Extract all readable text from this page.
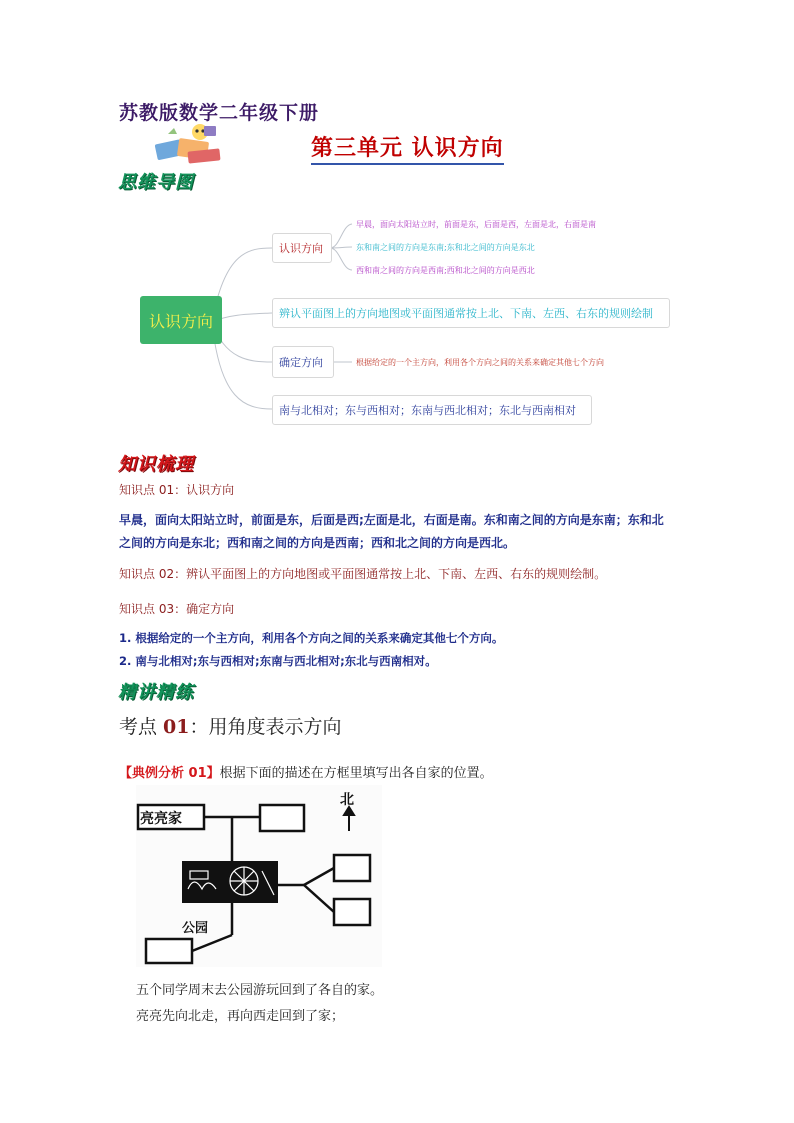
苏教版数学二年级下册
第三单元 认识方向
思维导图
认识方向
认识方向
早晨，面向太阳站立时，前面是东，后面是西，左面是北，右面是南
东和南之间的方向是东南;东和北之间的方向是东北
西和南之间的方向是西南;西和北之间的方向是西北
辨认平面图上的方向地图或平面图通常按上北、下南、左西、右东的规则绘制
确定方向	根据给定的一个主方向，利用各个方向之间的关系来确定其他七个方向
南与北相对；东与西相对；东南与西北相对；东北与西南相对
知识梳理
知识点 01：认识方向
早晨，面向太阳站立时，前面是东，后面是西;左面是北，右面是南。东和南之间的方向是东南；东和北
之间的方向是东北；西和南之间的方向是西南；西和北之间的方向是西北。
知识点 02：辨认平面图上的方向地图或平面图通常按上北、下南、左西、右东的规则绘制。
知识点 03：确定方向
1. 根据给定的一个主方向，利用各个方向之间的关系来确定其他七个方向。
2. 南与北相对;东与西相对;东南与西北相对;东北与西南相对。
精讲精练
考点 01：用角度表示方向
【典例分析 01】根据下面的描述在方框里填写出各自家的位置。
亮亮家
北
公园
五个同学周末去公园游玩回到了各自的家。
亮亮先向北走，再向西走回到了家；
